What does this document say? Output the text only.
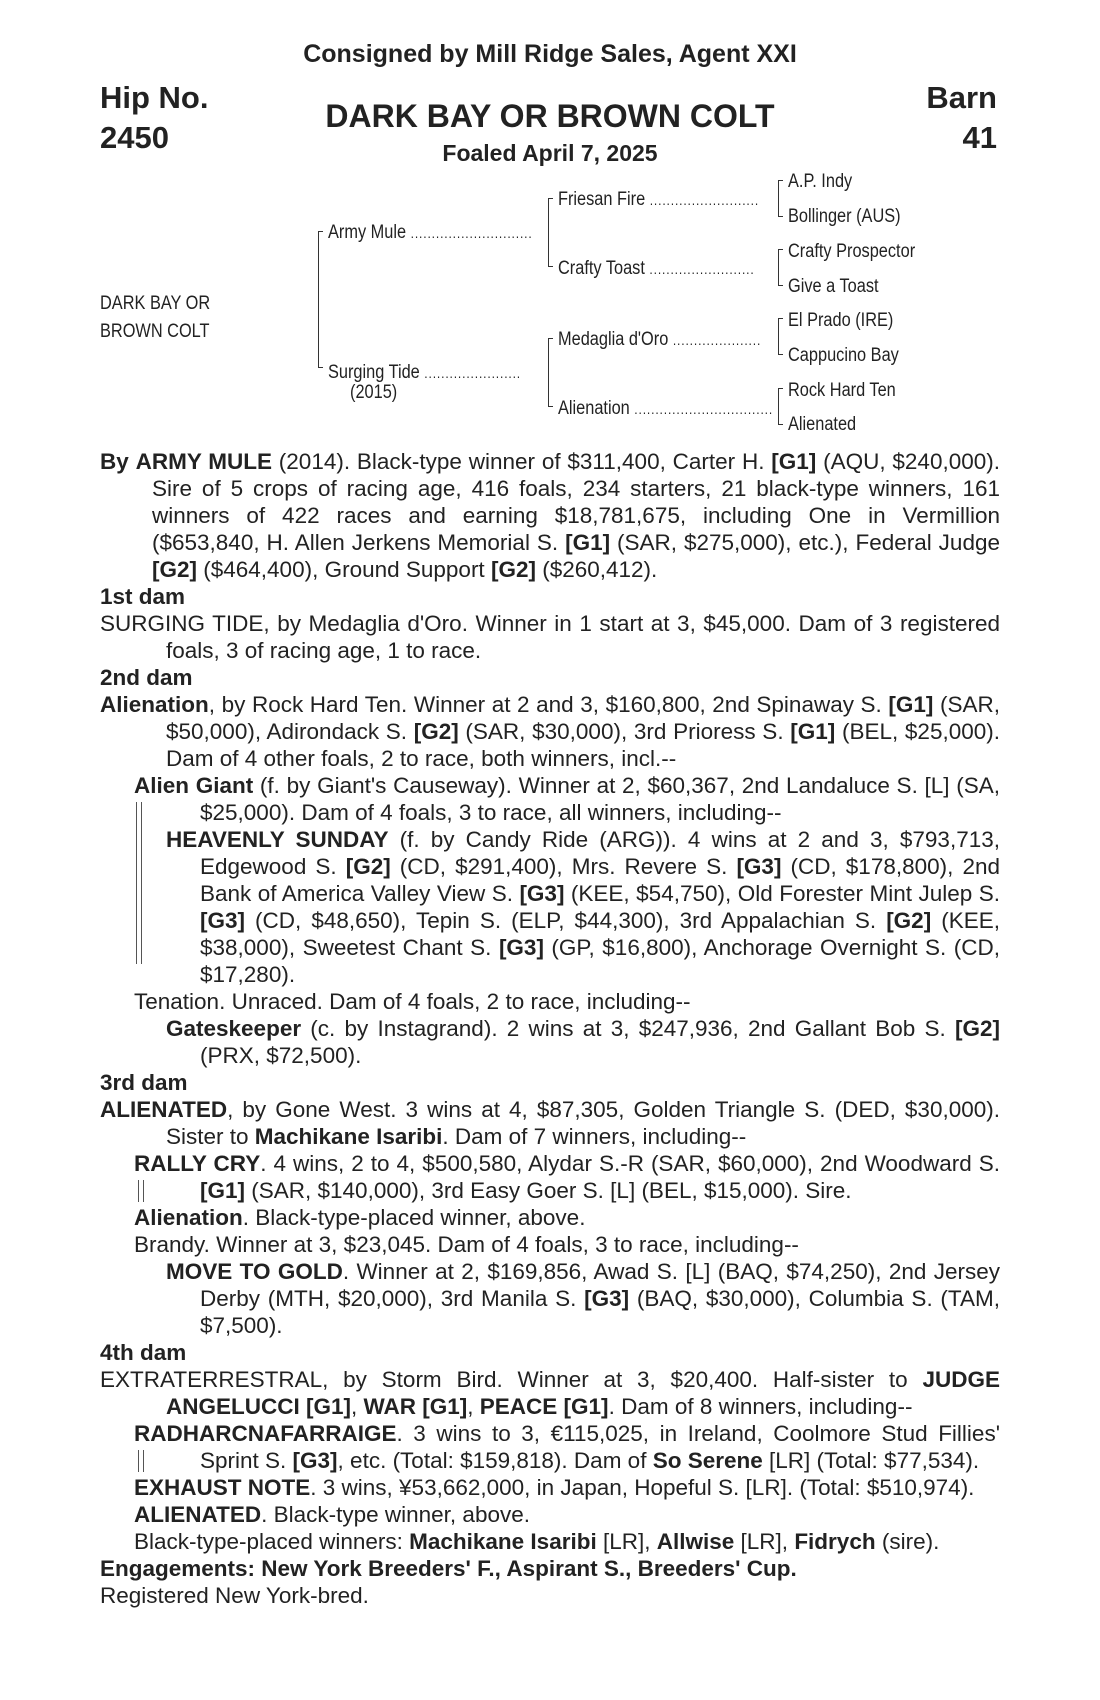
Consigned by Mill Ridge Sales, Agent XXI
Hip No.
2450
Barn
41
DARK BAY OR BROWN COLT
Foaled April 7, 2025
DARK BAY OR
BROWN COLT
Army Mule .............................
Surging Tide .......................
(2015)
Friesan Fire ..........................
Crafty Toast .........................
Medaglia d'Oro .....................
Alienation .................................
A.P. Indy
Bollinger (AUS)
Crafty Prospector
Give a Toast
El Prado (IRE)
Cappucino Bay
Rock Hard Ten
Alienated

By ARMY MULE (2014). Black-type winner of $311,400, Carter H. [G1] (AQU, $240,000). Sire of 5 crops of racing age, 416 foals, 234 starters, 21 black-type winners, 161 winners of 422 races and earning $18,781,675, including One in Vermillion ($653,840, H. Allen Jerkens Memorial S. [G1] (SAR, $275,000), etc.), Federal Judge [G2] ($464,400), Ground Support [G2] ($260,412).

1st dam

SURGING TIDE, by Medaglia d'Oro. Winner in 1 start at 3, $45,000. Dam of 3 registered foals, 3 of racing age, 1 to race.

2nd dam

Alienation, by Rock Hard Ten. Winner at 2 and 3, $160,800, 2nd Spinaway S. [G1] (SAR, $50,000), Adirondack S. [G2] (SAR, $30,000), 3rd Prioress S. [G1] (BEL, $25,000). Dam of 4 other foals, 2 to race, both winners, incl.--

Alien Giant (f. by Giant's Causeway). Winner at 2, $60,367, 2nd Landaluce S. [L] (SA, $25,000). Dam of 4 foals, 3 to race, all winners, including--

HEAVENLY SUNDAY (f. by Candy Ride (ARG)). 4 wins at 2 and 3, $793,713, Edgewood S. [G2] (CD, $291,400), Mrs. Revere S. [G3] (CD, $178,800), 2nd Bank of America Valley View S. [G3] (KEE, $54,750), Old Forester Mint Julep S. [G3] (CD, $48,650), Tepin S. (ELP, $44,300), 3rd Appalachian S. [G2] (KEE, $38,000), Sweetest Chant S. [G3] (GP, $16,800), Anchorage Overnight S. (CD, $17,280).

Tenation. Unraced. Dam of 4 foals, 2 to race, including--

Gateskeeper (c. by Instagrand). 2 wins at 3, $247,936, 2nd Gallant Bob S. [G2] (PRX, $72,500).

3rd dam

ALIENATED, by Gone West. 3 wins at 4, $87,305, Golden Triangle S. (DED, $30,000). Sister to Machikane Isaribi. Dam of 7 winners, including--

RALLY CRY. 4 wins, 2 to 4, $500,580, Alydar S.-R (SAR, $60,000), 2nd Woodward S. [G1] (SAR, $140,000), 3rd Easy Goer S. [L] (BEL, $15,000). Sire.

Alienation. Black-type-placed winner, above.

Brandy. Winner at 3, $23,045. Dam of 4 foals, 3 to race, including--

MOVE TO GOLD. Winner at 2, $169,856, Awad S. [L] (BAQ, $74,250), 2nd Jersey Derby (MTH, $20,000), 3rd Manila S. [G3] (BAQ, $30,000), Columbia S. (TAM, $7,500).

4th dam

EXTRATERRESTRAL, by Storm Bird. Winner at 3, $20,400. Half-sister to JUDGE ANGELUCCI [G1], WAR [G1], PEACE [G1]. Dam of 8 winners, including--

RADHARCNAFARRAIGE. 3 wins to 3, €115,025, in Ireland, Coolmore Stud Fillies' Sprint S. [G3], etc. (Total: $159,818). Dam of So Serene [LR] (Total: $77,534).

EXHAUST NOTE. 3 wins, ¥53,662,000, in Japan, Hopeful S. [LR]. (Total: $510,974).

ALIENATED. Black-type winner, above.

Black-type-placed winners: Machikane Isaribi [LR], Allwise [LR], Fidrych (sire).

Engagements: New York Breeders' F., Aspirant S., Breeders' Cup.

Registered New York-bred.
